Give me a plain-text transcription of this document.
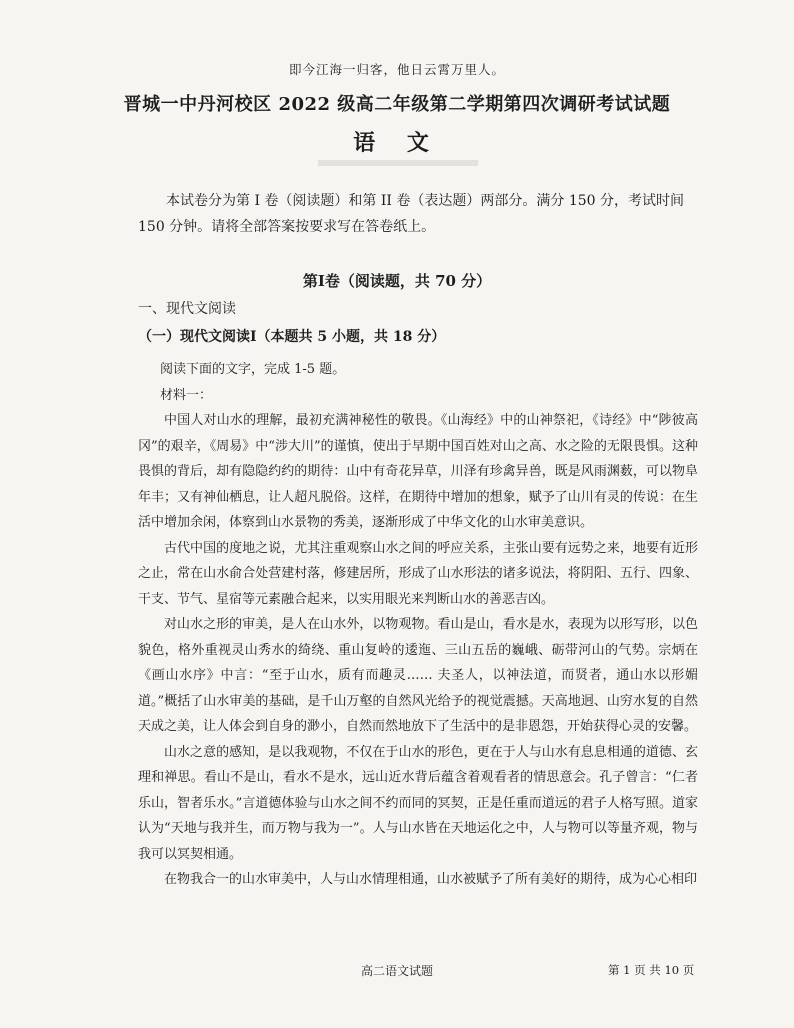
即今江海一归客，他日云霄万里人。
晋城一中丹河校区 2022 级高二年级第二学期第四次调研考试试题
语 文
本试卷分为第 I 卷（阅读题）和第 II 卷（表达题）两部分。满分 150 分，考试时间 150 分钟。请将全部答案按要求写在答卷纸上。
第Ⅰ卷（阅读题，共 70 分）
一、现代文阅读
（一）现代文阅读Ⅰ（本题共 5 小题，共 18 分）
阅读下面的文字，完成 1-5 题。
材料一：

中国人对山水的理解，最初充满神秘性的敬畏。《山海经》中的山神祭祀，《诗经》中“陟彼高冈”的艰辛，《周易》中“涉大川”的谨慎，使出于早期中国百姓对山之高、水之险的无限畏惧。这种畏惧的背后，却有隐隐约约的期待：山中有奇花异草，川泽有珍禽异兽，既是风雨渊薮，可以物阜年丰；又有神仙栖息，让人超凡脱俗。这样，在期待中增加的想象，赋予了山川有灵的传说：在生活中增加余闲，体察到山水景物的秀美，逐渐形成了中华文化的山水审美意识。

古代中国的度地之说，尤其注重观察山水之间的呼应关系，主张山要有远势之来，地要有近形之止，常在山水俞合处营建村落，修建居所，形成了山水形法的诸多说法，将阴阳、五行、四象、干支、节气、星宿等元素融合起来，以实用眼光来判断山水的善恶吉凶。

对山水之形的审美，是人在山水外，以物观物。看山是山，看水是水，表现为以形写形，以色貌色，格外重视灵山秀水的绮绕、重山复岭的逶迤、三山五岳的巍峨、砺带河山的气势。宗炳在《画山水序》中言：“至于山水，质有而趣灵…… 夫圣人，以神法道，而贤者，通山水以形媚道。”概括了山水审美的基础，是千山万壑的自然风光给予的视觉震撼。天高地迥、山穷水复的自然天成之美，让人体会到自身的渺小，自然而然地放下了生活中的是非恩怨，开始获得心灵的安馨。

山水之意的感知，是以我观物，不仅在于山水的形色，更在于人与山水有息息相通的道德、玄理和禅思。看山不是山，看水不是水，远山近水背后蕴含着观看者的情思意会。孔子曾言：“仁者乐山，智者乐水。”言道德体验与山水之间不约而同的冥契，正是任重而道远的君子人格写照。道家认为“天地与我并生，而万物与我为一”。人与山水皆在天地运化之中，人与物可以等量齐观，物与我可以冥契相通。

在物我合一的山水审美中，人与山水情理相通，山水被赋予了所有美好的期待，成为心心相印

高二语文试题	第 1 页 共 10 页
